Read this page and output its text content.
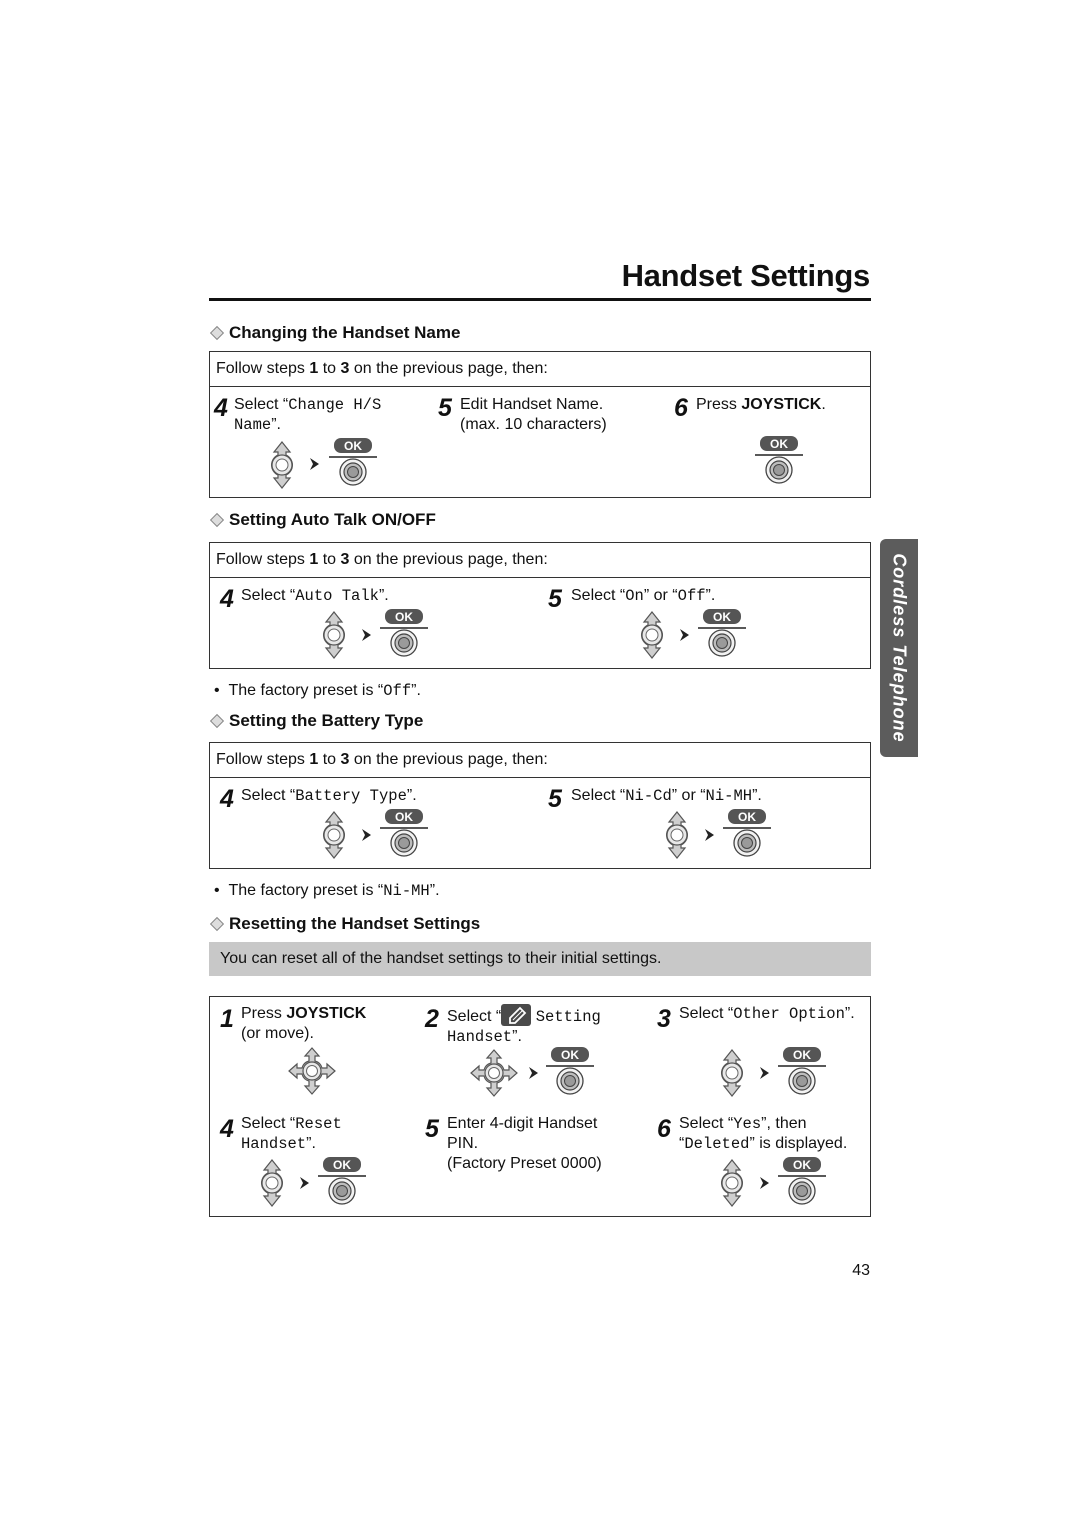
Handset Settings
Cordless Telephone
Changing the Handset Name
Follow steps 1 to 3 on the previous page, then:
4 Select “Change H/S
Name”.
5 Edit Handset Name.
(max. 10 characters)
6 Press JOYSTICK.
Setting Auto Talk ON/OFF
Follow steps 1 to 3 on the previous page, then:
4 Select “Auto Talk”.	5 Select “On” or “Off”.
•  The factory preset is “Off”.
Setting the Battery Type
Follow steps 1 to 3 on the previous page, then:
4 Select “Battery Type”.	5 Select “Ni-Cd” or “Ni-MH”.
•  The factory preset is “Ni-MH”.
Resetting the Handset Settings
You can reset all of the handset settings to their initial settings.
1 Press JOYSTICK
(or move).
2 Select “ Setting
Handset”.
3 Select “Other Option”.
4 Select “Reset
Handset”.
5 Enter 4-digit Handset
PIN.
(Factory Preset 0000)
6 Select “Yes”, then
“Deleted” is displayed.
43
